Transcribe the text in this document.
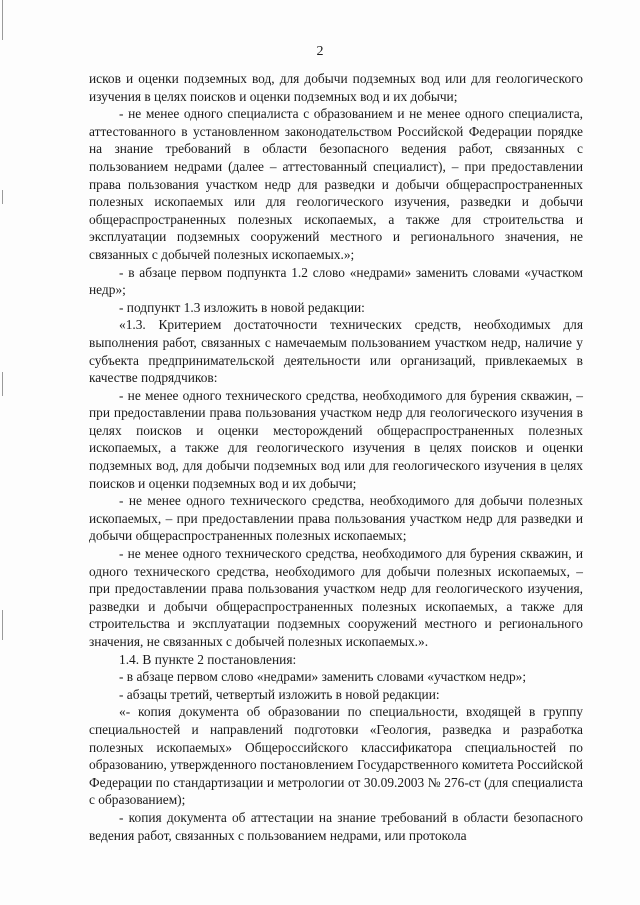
2

исков и оценки подземных вод, для добычи подземных вод или для геологического изучения в целях поисков и оценки подземных вод и их добычи;

- не менее одного специалиста с образованием и не менее одного специалиста, аттестованного в установленном законодательством Российской Федерации порядке на знание требований в области безопасного ведения работ, связанных с пользованием недрами (далее – аттестованный специалист), – при предоставлении права пользования участком недр для разведки и добычи общераспространенных полезных ископаемых или для геологического изучения, разведки и добычи общераспространенных полезных ископаемых, а также для строительства и эксплуатации подземных сооружений местного и регионального значения, не связанных с добычей полезных ископаемых.»;

- в абзаце первом подпункта 1.2 слово «недрами» заменить словами «участком недр»;

- подпункт 1.3 изложить в новой редакции:

«1.3. Критерием достаточности технических средств, необходимых для выполнения работ, связанных с намечаемым пользованием участком недр, наличие у субъекта предпринимательской деятельности или организаций, привлекаемых в качестве подрядчиков:

- не менее одного технического средства, необходимого для бурения скважин, – при предоставлении права пользования участком недр для геологического изучения в целях поисков и оценки месторождений общераспространенных полезных ископаемых, а также для геологического изучения в целях поисков и оценки подземных вод, для добычи подземных вод или для геологического изучения в целях поисков и оценки подземных вод и их добычи;

- не менее одного технического средства, необходимого для добычи полезных ископаемых, – при предоставлении права пользования участком недр для разведки и добычи общераспространенных полезных ископаемых;

- не менее одного технического средства, необходимого для бурения скважин, и одного технического средства, необходимого для добычи полезных ископаемых, – при предоставлении права пользования участком недр для геологического изучения, разведки и добычи общераспространенных полезных ископаемых, а также для строительства и эксплуатации подземных сооружений местного и регионального значения, не связанных с добычей полезных ископаемых.».

1.4. В пункте 2 постановления:

- в абзаце первом слово «недрами» заменить словами «участком недр»;

- абзацы третий, четвертый изложить в новой редакции:

«- копия документа об образовании по специальности, входящей в группу специальностей и направлений подготовки «Геология, разведка и разработка полезных ископаемых» Общероссийского классификатора специальностей по образованию, утвержденного постановлением Государственного комитета Российской Федерации по стандартизации и метрологии от 30.09.2003 № 276-ст (для специалиста с образованием);

- копия документа об аттестации на знание требований в области безопасного ведения работ, связанных с пользованием недрами, или протокола
